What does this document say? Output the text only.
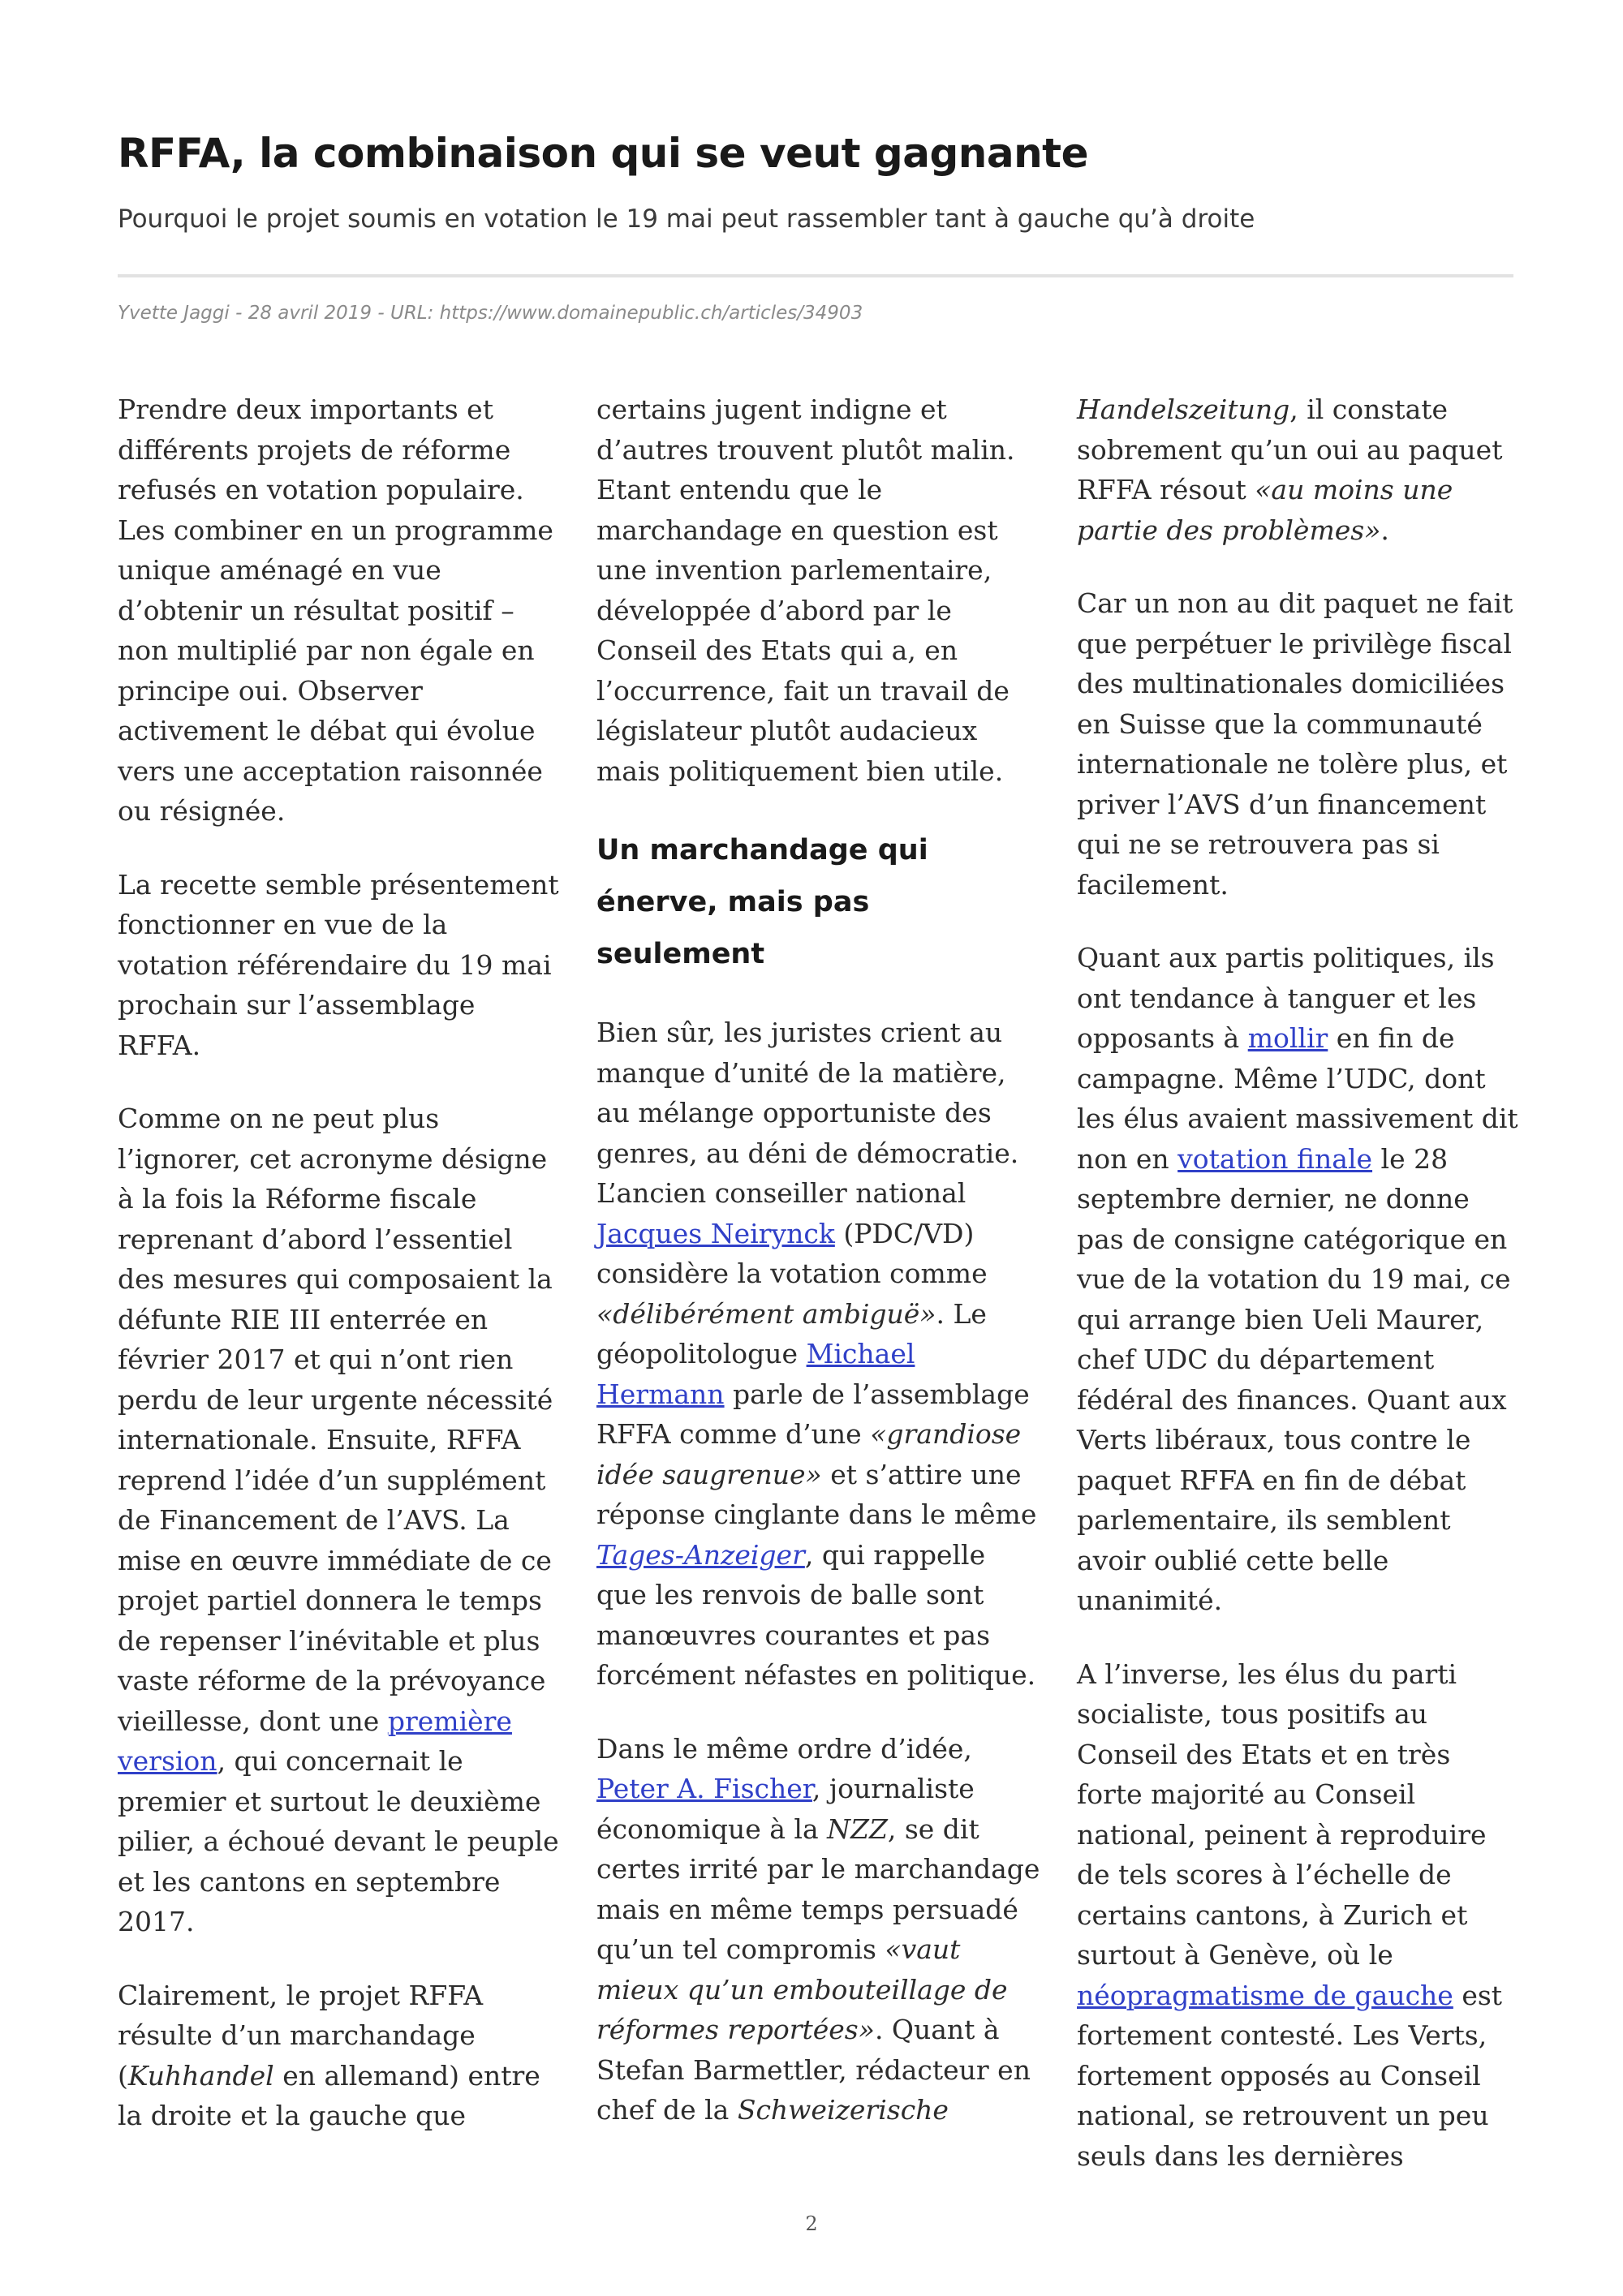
RFFA, la combinaison qui se veut gagnante
Pourquoi le projet soumis en votation le 19 mai peut rassembler tant à gauche qu’à droite
Yvette Jaggi - 28 avril 2019 - URL: https://www.domainepublic.ch/articles/34903

Prendre deux importants et différents projets de réforme refusés en votation populaire. Les combiner en un programme unique aménagé en vue d’obtenir un résultat positif – non multiplié par non égale en principe oui. Observer activement le débat qui évolue vers une acceptation raisonnée ou résignée.

La recette semble présentement fonctionner en vue de la votation référendaire du 19 mai prochain sur l’assemblage RFFA.

Comme on ne peut plus l’ignorer, cet acronyme désigne à la fois la Réforme fiscale reprenant d’abord l’essentiel des mesures qui composaient la défunte RIE III enterrée en février 2017 et qui n’ont rien perdu de leur urgente nécessité internationale. Ensuite, RFFA reprend l’idée d’un supplément de Financement de l’AVS. La mise en œuvre immédiate de ce projet partiel donnera le temps de repenser l’inévitable et plus vaste réforme de la prévoyance vieillesse, dont une première version, qui concernait le premier et surtout le deuxième pilier, a échoué devant le peuple et les cantons en septembre 2017.

Clairement, le projet RFFA résulte d’un marchandage (Kuhhandel en allemand) entre la droite et la gauche que

certains jugent indigne et d’autres trouvent plutôt malin. Etant entendu que le marchandage en question est une invention parlementaire, développée d’abord par le Conseil des Etats qui a, en l’occurrence, fait un travail de législateur plutôt audacieux mais politiquement bien utile.

Un marchandage qui énerve, mais pas seulement

Bien sûr, les juristes crient au manque d’unité de la matière, au mélange opportuniste des genres, au déni de démocratie. L’ancien conseiller national Jacques Neirynck (PDC/VD) considère la votation comme «délibérément ambiguë». Le géopolitologue Michael Hermann parle de l’assemblage RFFA comme d’une «grandiose idée saugrenue» et s’attire une réponse cinglante dans le même Tages-Anzeiger, qui rappelle que les renvois de balle sont manœuvres courantes et pas forcément néfastes en politique.

Dans le même ordre d’idée, Peter A. Fischer, journaliste économique à la NZZ, se dit certes irrité par le marchandage mais en même temps persuadé qu’un tel compromis «vaut mieux qu’un embouteillage de réformes reportées». Quant à Stefan Barmettler, rédacteur en chef de la Schweizerische

Handelszeitung, il constate sobrement qu’un oui au paquet RFFA résout «au moins une partie des problèmes».

Car un non au dit paquet ne fait que perpétuer le privilège fiscal des multinationales domiciliées en Suisse que la communauté internationale ne tolère plus, et priver l’AVS d’un financement qui ne se retrouvera pas si facilement.

Quant aux partis politiques, ils ont tendance à tanguer et les opposants à mollir en fin de campagne. Même l’UDC, dont les élus avaient massivement dit non en votation finale le 28 septembre dernier, ne donne pas de consigne catégorique en vue de la votation du 19 mai, ce qui arrange bien Ueli Maurer, chef UDC du département fédéral des finances. Quant aux Verts libéraux, tous contre le paquet RFFA en fin de débat parlementaire, ils semblent avoir oublié cette belle unanimité.

A l’inverse, les élus du parti socialiste, tous positifs au Conseil des Etats et en très forte majorité au Conseil national, peinent à reproduire de tels scores à l’échelle de certains cantons, à Zurich et surtout à Genève, où le néopragmatisme de gauche est fortement contesté. Les Verts, fortement opposés au Conseil national, se retrouvent un peu seuls dans les dernières

2
